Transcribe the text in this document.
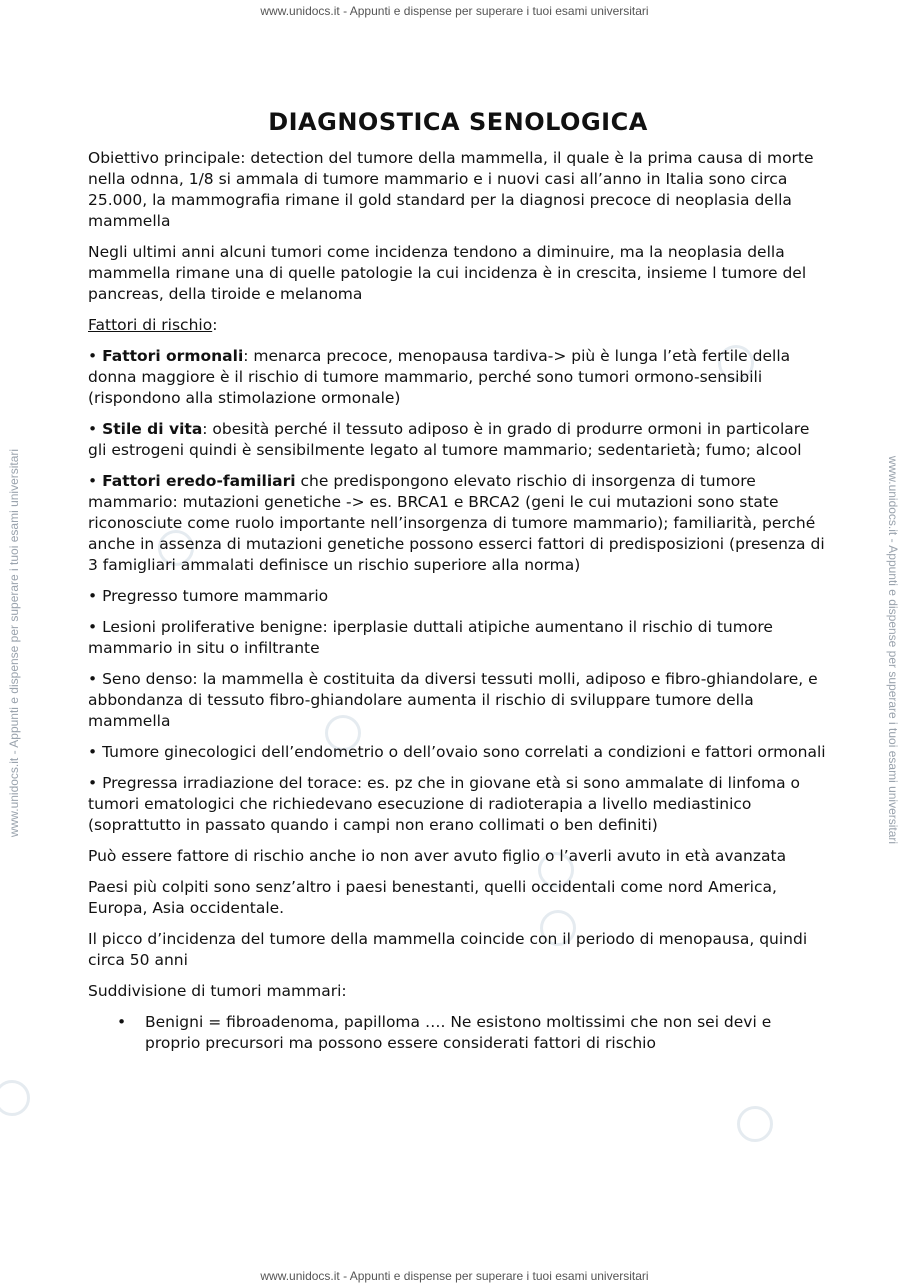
www.unidocs.it - Appunti e dispense per superare i tuoi esami universitari
www.unidocs.it - Appunti e dispense per superare i tuoi esami universitari	www.unidocs.it - Appunti e dispense per superare i tuoi esami universitari
DIAGNOSTICA SENOLOGICA

Obiettivo principale: detection del tumore della mammella, il quale è la prima causa di morte nella odnna, 1/8 si ammala di tumore mammario e i nuovi casi all’anno in Italia sono circa 25.000, la mammografia rimane il gold standard per la diagnosi precoce di neoplasia della mammella

Negli ultimi anni alcuni tumori come incidenza tendono a diminuire, ma la neoplasia della mammella rimane una di quelle patologie la cui incidenza è in crescita, insieme l tumore del pancreas, della tiroide e melanoma

Fattori di rischio:

• Fattori ormonali: menarca precoce, menopausa tardiva-> più è lunga l’età fertile della donna maggiore è il rischio di tumore mammario, perché sono tumori ormono-sensibili (rispondono alla stimolazione ormonale)

• Stile di vita: obesità perché il tessuto adiposo è in grado di produrre ormoni in particolare gli estrogeni quindi è sensibilmente legato al tumore mammario; sedentarietà; fumo; alcool

• Fattori eredo-familiari che predispongono elevato rischio di insorgenza di tumore mammario: mutazioni genetiche -> es. BRCA1 e BRCA2 (geni le cui mutazioni sono state riconosciute come ruolo importante nell’insorgenza di tumore mammario); familiarità, perché anche in assenza di mutazioni genetiche possono esserci fattori di predisposizioni (presenza di 3 famigliari ammalati definisce un rischio superiore alla norma)

• Pregresso tumore mammario

• Lesioni proliferative benigne: iperplasie duttali atipiche aumentano il rischio di tumore mammario in situ o infiltrante

• Seno denso: la mammella è costituita da diversi tessuti molli, adiposo e fibro-ghiandolare, e abbondanza di tessuto fibro-ghiandolare aumenta il rischio di sviluppare tumore della mammella

• Tumore ginecologici dell’endometrio o dell’ovaio sono correlati a condizioni e fattori ormonali

• Pregressa irradiazione del torace: es. pz che in giovane età si sono ammalate di linfoma o tumori ematologici che richiedevano esecuzione di radioterapia a livello mediastinico (soprattutto in passato quando i campi non erano collimati o ben definiti)

Può essere fattore di rischio anche io non aver avuto figlio o l’averli avuto in età avanzata

Paesi più colpiti sono senz’altro i paesi benestanti, quelli occidentali come nord America, Europa, Asia occidentale.

Il picco d’incidenza del tumore della mammella coincide con il periodo di menopausa, quindi circa 50 anni

Suddivisione di tumori mammari:

• Benigni = fibroadenoma, papilloma …. Ne esistono moltissimi che non sei devi e proprio precursori ma possono essere considerati fattori di rischio
www.unidocs.it - Appunti e dispense per superare i tuoi esami universitari
